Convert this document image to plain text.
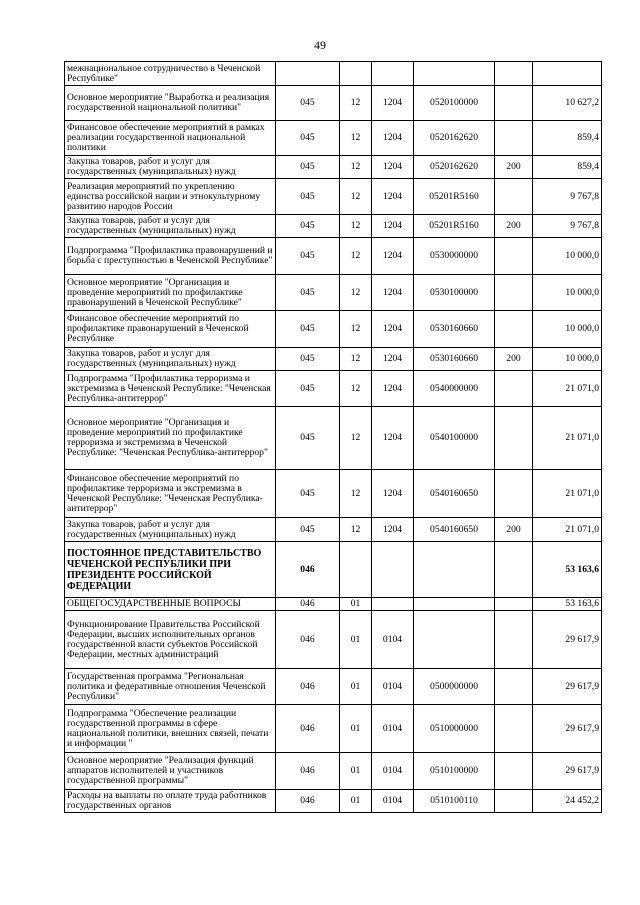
49
межнациональное сотрудничество в Чеченской Республике"						
Основное мероприятие "Выработка и реализация государственной национальной политики"	045	12	1204	0520100000		10 627,2
Финансовое обеспечение мероприятий в рамках реализации государственной национальной политики	045	12	1204	0520162620		859,4
Закупка товаров, работ и услуг для государственных (муниципальных) нужд	045	12	1204	0520162620	200	859,4
Реализация мероприятий по укреплению единства российской нации и этнокультурному развитию народов России	045	12	1204	05201R5160		9 767,8
Закупка товаров, работ и услуг для государственных (муниципальных) нужд	045	12	1204	05201R5160	200	9 767,8
Подпрограмма "Профилактика правонарушений и борьба с преступностью в Чеченской Республике"	045	12	1204	0530000000		10 000,0
Основное мероприятие "Организация и проведение мероприятий по профилактике правонарушений в Чеченской Республике"	045	12	1204	0530100000		10 000,0
Финансовое обеспечение мероприятий по профилактике правонарушений в Чеченской Республике	045	12	1204	0530160660		10 000,0
Закупка товаров, работ и услуг для государственных (муниципальных) нужд	045	12	1204	0530160660	200	10 000,0
Подпрограмма "Профилактика терроризма и экстремизма в Чеченской Республике: "Чеченская Республика-антитеррор"	045	12	1204	0540000000		21 071,0
Основное мероприятие "Организация и проведение мероприятий по профилактике терроризма и экстремизма в Чеченской Республике: "Чеченская Республика-антитеррор"	045	12	1204	0540100000		21 071,0
Финансовое обеспечение мероприятий по профилактике терроризма и экстремизма в Чеченской Республике: "Чеченская Республика-антитеррор"	045	12	1204	0540160650		21 071,0
Закупка товаров, работ и услуг для государственных (муниципальных) нужд	045	12	1204	0540160650	200	21 071,0
ПОСТОЯННОЕ ПРЕДСТАВИТЕЛЬСТВО ЧЕЧЕНСКОЙ РЕСПУБЛИКИ ПРИ ПРЕЗИДЕНТЕ РОССИЙСКОЙ ФЕДЕРАЦИИ	046					53 163,6
ОБЩЕГОСУДАРСТВЕННЫЕ ВОПРОСЫ	046	01				53 163,6
Функционирование Правительства Российской Федерации, высших исполнительных органов государственной власти субъектов Российской Федерации, местных администраций	046	01	0104			29 617,9
Государственная программа "Региональная политика и федеративные отношения Чеченской Республики"	046	01	0104	0500000000		29 617,9
Подпрограмма "Обеспечение реализации государственной программы в сфере национальной политики, внешних связей, печати и информации "	046	01	0104	0510000000		29 617,9
Основное мероприятие "Реализация функций аппаратов исполнителей и участников государственной программы"	046	01	0104	0510100000		29 617,9
Расходы на выплаты по оплате труда работников государственных органов	046	01	0104	0510100110		24 452,2
